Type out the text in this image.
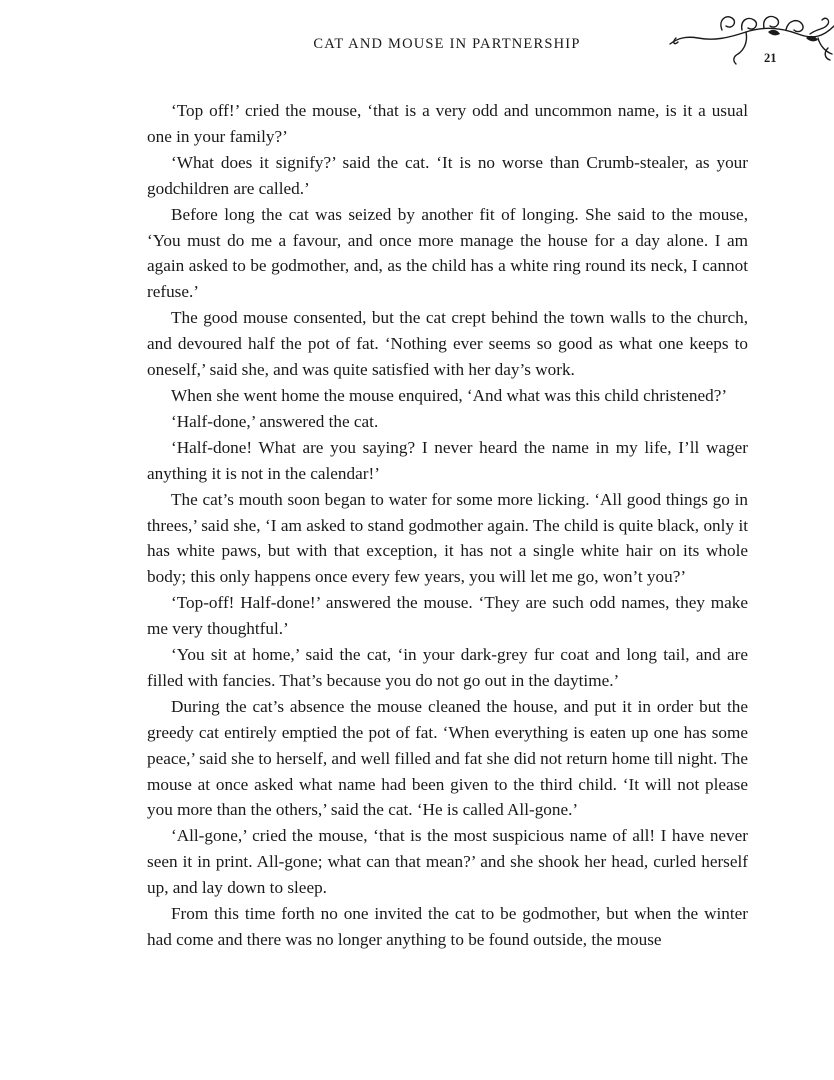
CAT AND MOUSE IN PARTNERSHIP
21

‘Top off!’ cried the mouse, ‘that is a very odd and uncommon name, is it a usual one in your family?’

‘What does it signify?’ said the cat. ‘It is no worse than Crumb-stealer, as your godchildren are called.’

Before long the cat was seized by another fit of longing. She said to the mouse, ‘You must do me a favour, and once more manage the house for a day alone. I am again asked to be godmother, and, as the child has a white ring round its neck, I cannot refuse.’

The good mouse consented, but the cat crept behind the town walls to the church, and devoured half the pot of fat. ‘Nothing ever seems so good as what one keeps to oneself,’ said she, and was quite satisfied with her day’s work.

When she went home the mouse enquired, ‘And what was this child christened?’

‘Half-done,’ answered the cat.

‘Half-done! What are you saying? I never heard the name in my life, I’ll wager anything it is not in the calendar!’

The cat’s mouth soon began to water for some more licking. ‘All good things go in threes,’ said she, ‘I am asked to stand godmother again. The child is quite black, only it has white paws, but with that exception, it has not a single white hair on its whole body; this only happens once every few years, you will let me go, won’t you?’

‘Top-off! Half-done!’ answered the mouse. ‘They are such odd names, they make me very thoughtful.’

‘You sit at home,’ said the cat, ‘in your dark-grey fur coat and long tail, and are filled with fancies. That’s because you do not go out in the daytime.’

During the cat’s absence the mouse cleaned the house, and put it in order but the greedy cat entirely emptied the pot of fat. ‘When everything is eaten up one has some peace,’ said she to herself, and well filled and fat she did not return home till night. The mouse at once asked what name had been given to the third child. ‘It will not please you more than the others,’ said the cat. ‘He is called All-gone.’

‘All-gone,’ cried the mouse, ‘that is the most suspicious name of all! I have never seen it in print. All-gone; what can that mean?’ and she shook her head, curled herself up, and lay down to sleep.

From this time forth no one invited the cat to be godmother, but when the winter had come and there was no longer anything to be found outside, the mouse
